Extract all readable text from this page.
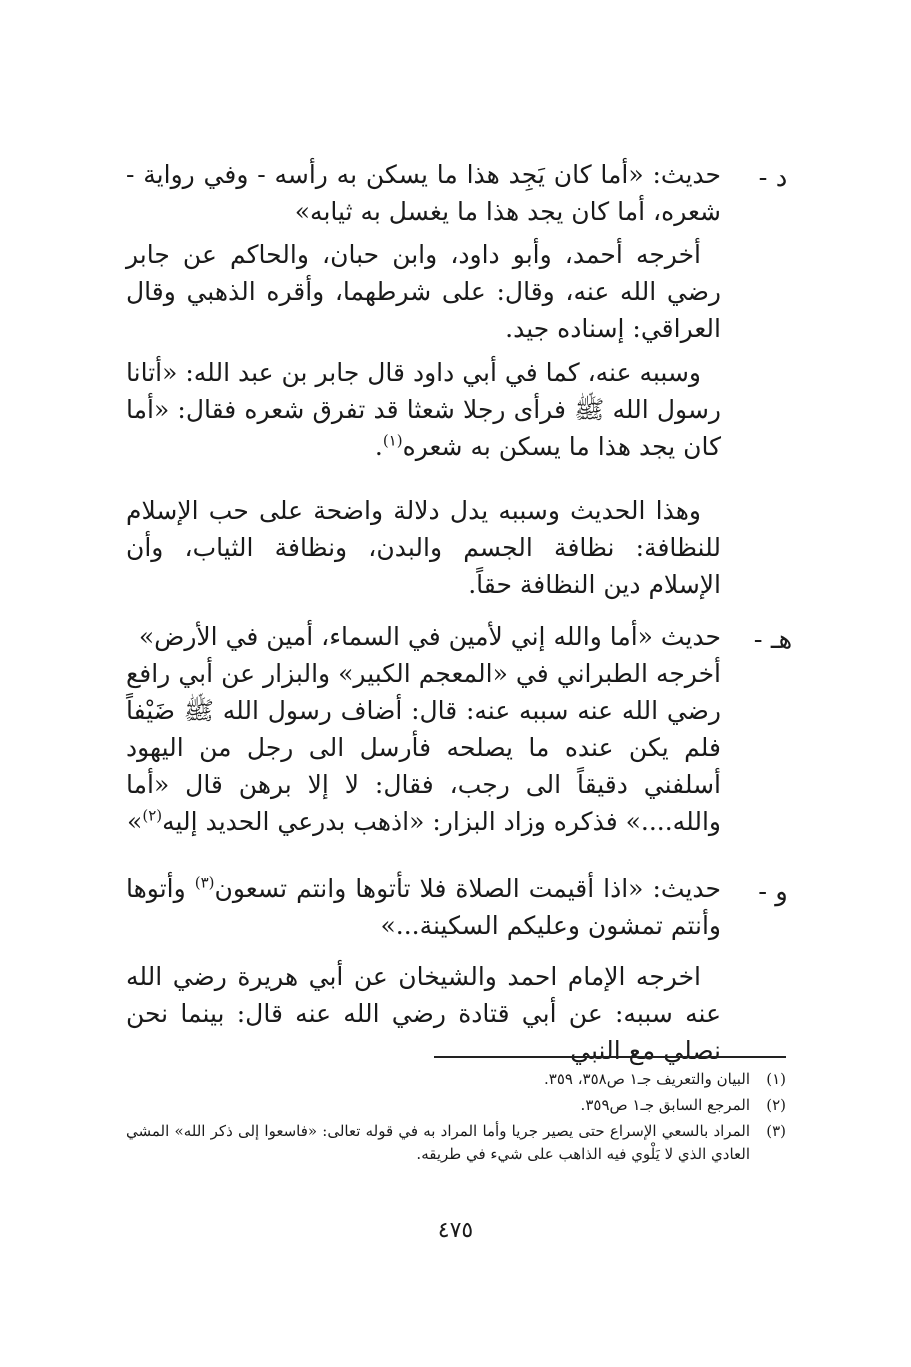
د -

حديث: «أما كان يَجِد هذا ما يسكن به رأسه - وفي رواية - شعره، أما كان يجد هذا ما يغسل به ثيابه»

أخرجه أحمد، وأبو داود، وابن حبان، والحاكم عن جابر رضي الله عنه، وقال: على شرطهما، وأقره الذهبي وقال العراقي: إسناده جيد.

وسببه عنه، كما في أبي داود قال جابر بن عبد الله: «أتانا رسول الله ﷺ فرأى رجلا شعثا قد تفرق شعره فقال: «أما كان يجد هذا ما يسكن به شعره$^{(١)}$.

وهذا الحديث وسببه يدل دلالة واضحة على حب الإسلام للنظافة: نظافة الجسم والبدن، ونظافة الثياب، وأن الإسلام دين النظافة حقاً.

هـ -

حديث «أما والله إني لأمين في السماء، أمين في الأرض»

أخرجه الطبراني في «المعجم الكبير» والبزار عن أبي رافع رضي الله عنه سببه عنه: قال: أضاف رسول الله ﷺ ضَيْفاً فلم يكن عنده ما يصلحه فأرسل الى رجل من اليهود أسلفني دقيقاً الى رجب، فقال: لا إلا برهن قال «أما والله....» فذكره وزاد البزار: «اذهب بدرعي الحديد إليه$^{(٢)}$»

و -

حديث: «اذا أقيمت الصلاة فلا تأتوها وانتم تسعون$^{(٣)}$ وأتوها وأنتم تمشون وعليكم السكينة...»

اخرجه الإمام احمد والشيخان عن أبي هريرة رضي الله عنه سببه: عن أبي قتادة رضي الله عنه قال: بينما نحن نصلي مع النبي

(١)
البيان والتعريف جـ١ ص٣٥٨، ٣٥٩.
(٢)
المرجع السابق جـ١ ص٣٥٩.
(٣)
المراد بالسعي الإسراع حتى يصير جريا وأما المراد به في قوله تعالى: «فاسعوا إلى ذكر الله» المشي العادي الذي لا يَلْوي فيه الذاهب على شيء في طريقه.
٤٧٥
